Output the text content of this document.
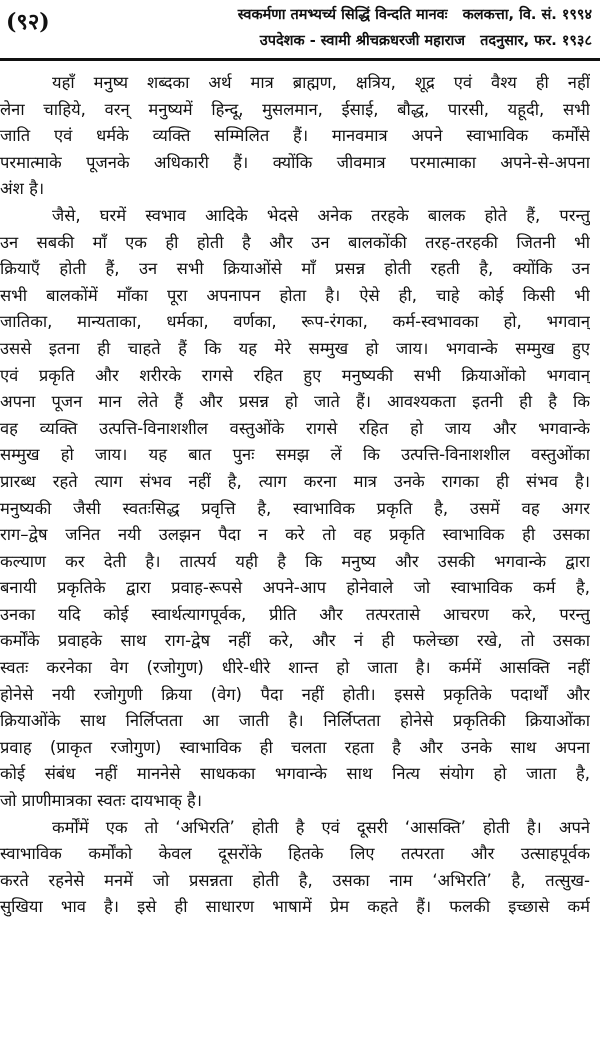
(९२)	स्वकर्मणा तमभ्यर्च्य सिद्धिं विन्दति मानवः कलकत्ता, वि. सं. १९९४
उपदेशक - स्वामी श्रीचक्रधरजी महाराज तदनुसार, फर. १९३८
यहाँ मनुष्य शब्दका अर्थ मात्र ब्राह्मण, क्षत्रिय, शूद्र एवं वैश्य ही नहीं
लेना चाहिये, वरन् मनुष्यमें हिन्दू, मुसलमान, ईसाई, बौद्ध, पारसी, यहूदी, सभी
जाति एवं धर्मके व्यक्ति सम्मिलित हैं। मानवमात्र अपने स्वाभाविक कर्मोंसे
परमात्माके पूजनके अधिकारी हैं। क्योंकि जीवमात्र परमात्माका अपने-से-अपना
अंश है।
जैसे, घरमें स्वभाव आदिके भेदसे अनेक तरहके बालक होते हैं, परन्तु
उन सबकी माँ एक ही होती है और उन बालकोंकी तरह-तरहकी जितनी भी
क्रियाएँ होती हैं, उन सभी क्रियाओंसे माँ प्रसन्न होती रहती है, क्योंकि उन
सभी बालकोंमें माँका पूरा अपनापन होता है। ऐसे ही, चाहे कोई किसी भी
जातिका, मान्यताका, धर्मका, वर्णका, रूप-रंगका, कर्म-स्वभावका हो, भगवान्
उससे इतना ही चाहते हैं कि यह मेरे सम्मुख हो जाय। भगवान्के सम्मुख हुए
एवं प्रकृति और शरीरके रागसे रहित हुए मनुष्यकी सभी क्रियाओंको भगवान्
अपना पूजन मान लेते हैं और प्रसन्न हो जाते हैं। आवश्यकता इतनी ही है कि
वह व्यक्ति उत्पत्ति-विनाशशील वस्तुओंके रागसे रहित हो जाय और भगवान्के
सम्मुख हो जाय। यह बात पुनः समझ लें कि उत्पत्ति-विनाशशील वस्तुओंका
प्रारब्ध रहते त्याग संभव नहीं है, त्याग करना मात्र उनके रागका ही संभव है।
मनुष्यकी जैसी स्वतःसिद्ध प्रवृत्ति है, स्वाभाविक प्रकृति है, उसमें वह अगर
राग–द्वेष जनित नयी उलझन पैदा न करे तो वह प्रकृति स्वाभाविक ही उसका
कल्याण कर देती है। तात्पर्य यही है कि मनुष्य और उसकी भगवान्के द्वारा
बनायी प्रकृतिके द्वारा प्रवाह-रूपसे अपने-आप होनेवाले जो स्वाभाविक कर्म है,
उनका यदि कोई स्वार्थत्यागपूर्वक, प्रीति और तत्परतासे आचरण करे, परन्तु
कर्मोंके प्रवाहके साथ राग-द्वेष नहीं करे, और नं ही फलेच्छा रखे, तो उसका
स्वतः करनेका वेग (रजोगुण) धीरे-धीरे शान्त हो जाता है। कर्ममें आसक्ति नहीं
होनेसे नयी रजोगुणी क्रिया (वेग) पैदा नहीं होती। इससे प्रकृतिके पदार्थों और
क्रियाओंके साथ निर्लिप्तता आ जाती है। निर्लिप्तता होनेसे प्रकृतिकी क्रियाओंका
प्रवाह (प्राकृत रजोगुण) स्वाभाविक ही चलता रहता है और उनके साथ अपना
कोई संबंध नहीं माननेसे साधकका भगवान्के साथ नित्य संयोग हो जाता है,
जो प्राणीमात्रका स्वतः दायभाक् है।
कर्मोंमें एक तो ‘अभिरति’ होती है एवं दूसरी ‘आसक्ति’ होती है। अपने
स्वाभाविक कर्मोंको केवल दूसरोंके हितके लिए तत्परता और उत्साहपूर्वक
करते रहनेसे मनमें जो प्रसन्नता होती है, उसका नाम ‘अभिरति’ है, तत्सुख-
सुखिया भाव है। इसे ही साधारण भाषामें प्रेम कहते हैं। फलकी इच्छासे कर्म
